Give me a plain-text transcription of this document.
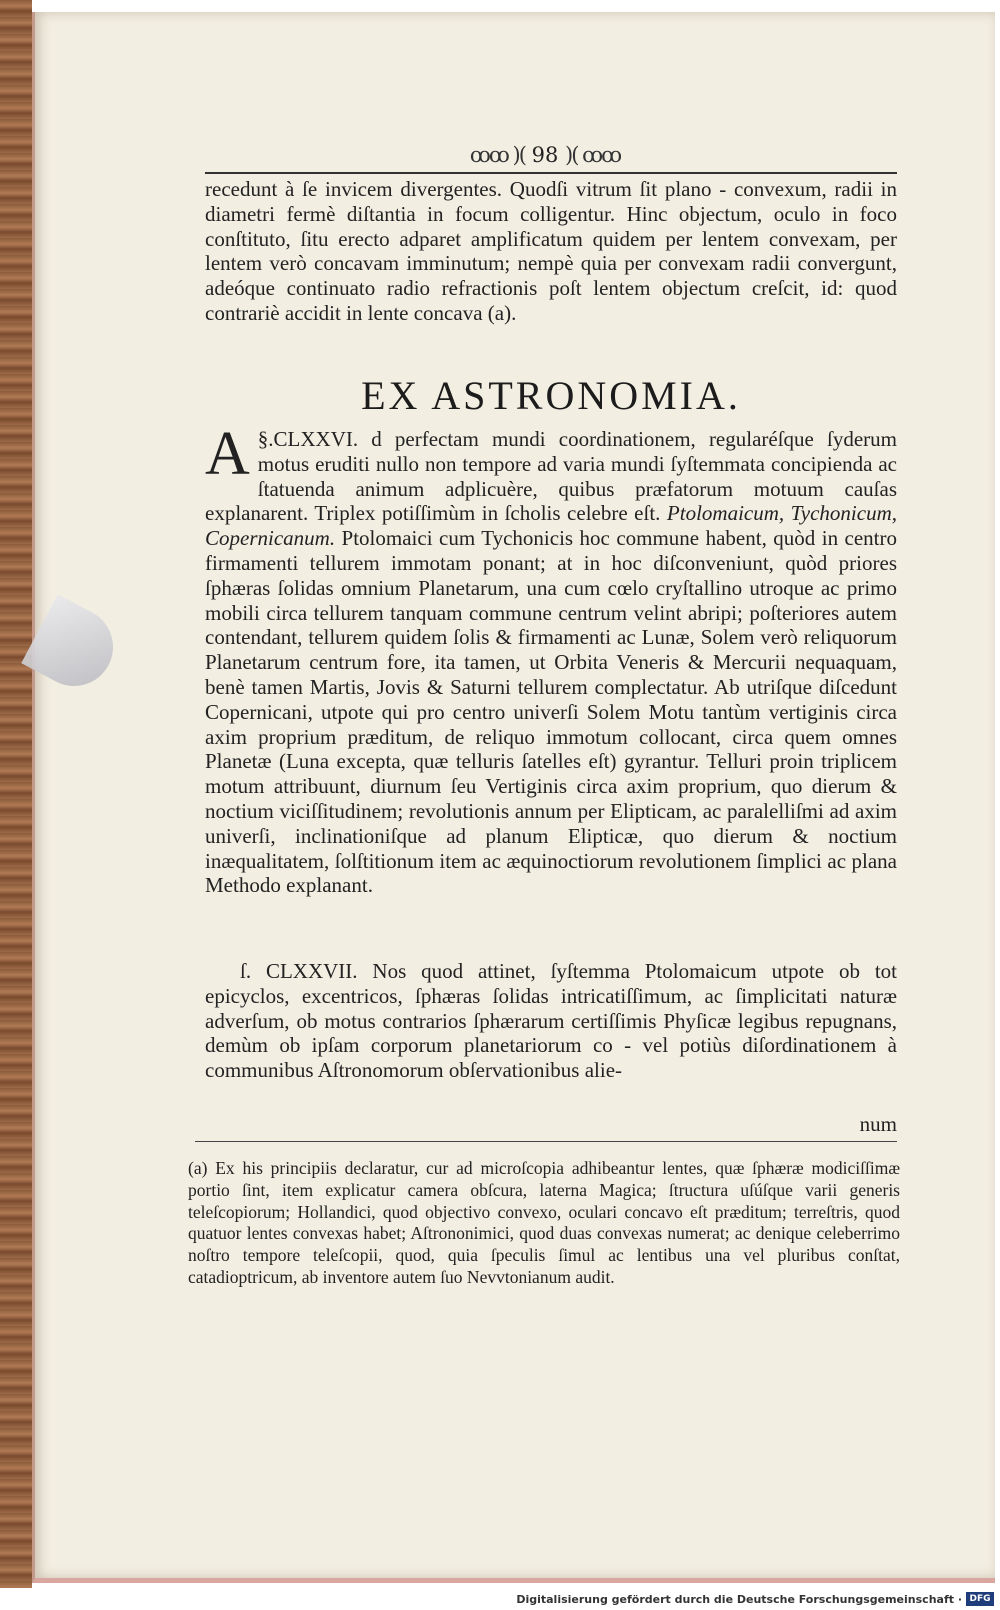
ꝏꝏ )( 98 )( ꝏꝏ

recedunt à ſe invicem divergentes. Quodſi vitrum ſit plano - convexum, radii in diametri fermè diſtantia in focum colligentur. Hinc objectum, oculo in foco conſtituto, ſitu erecto adparet amplificatum quidem per lentem convexam, per lentem verò concavam imminutum; nempè quia per convexam radii convergunt, adeóque continuato radio refractionis poſt lentem objectum creſcit, id: quod contrariè accidit in lente concava (a).

EX ASTRONOMIA.

§.CLXXVI.
A	d perfectam mundi coordinationem, regularéſque ſyderum motus eruditi nullo non tempore ad varia mundi ſyſtemmata concipienda ac ſtatuenda animum adplicuère, quibus præfatorum motuum cauſas explanarent. Triplex potiſſimùm in ſcholis celebre eſt. Ptolomaicum, Tychonicum, Copernicanum. Ptolomaici cum Tychonicis hoc commune habent, quòd in centro firmamenti tellurem immotam ponant; at in hoc diſconveniunt, quòd priores ſphæras ſolidas omnium Planetarum, una cum cœlo cryſtallino utroque ac primo mobili circa tellurem tanquam commune centrum velint abripi; poſteriores autem contendant, tellurem quidem ſolis & firmamenti ac Lunæ, Solem verò reliquorum Planetarum centrum fore, ita tamen, ut Orbita Veneris & Mercurii nequaquam, benè tamen Martis, Jovis & Saturni tellurem complectatur. Ab utriſque diſcedunt Copernicani, utpote qui pro centro univerſi Solem Motu tantùm vertiginis circa axim proprium præditum, de reliquo immotum collocant, circa quem omnes Planetæ (Luna excepta, quæ telluris ſatelles eſt) gyrantur. Telluri proin triplicem motum attribuunt, diurnum ſeu Vertiginis circa axim proprium, quo dierum & noctium viciſſitudinem; revolutionis annum per Elipticam, ac paralelliſmi ad axim univerſi, inclinationiſque ad planum Elipticæ, quo dierum & noctium inæqualitatem, ſolſtitionum item ac æquinoctiorum revolutionem ſimplici ac plana Methodo explanant.

ſ. CLXXVII. Nos quod attinet, ſyſtemma Ptolomaicum utpote ob tot epicyclos, excentricos, ſphæras ſolidas intricatiſſimum, ac ſimplicitati naturæ adverſum, ob motus contrarios ſphærarum certiſſimis Phyſicæ legibus repugnans, demùm ob ipſam corporum planetariorum co - vel potiùs diſordinationem à communibus Aſtronomorum obſervationibus alie-

num
(a) Ex his principiis declaratur, cur ad microſcopia adhibeantur lentes, quæ ſphæræ modiciſſimæ portio ſint, item explicatur camera obſcura, laterna Magica; ſtructura uſúſque varii generis teleſcopiorum; Hollandici, quod objectivo convexo, oculari concavo eſt præditum; terreſtris, quod quatuor lentes convexas habet; Aſtrononimici, quod duas convexas numerat; ac denique celeberrimo noſtro tempore teleſcopii, quod, quia ſpeculis ſimul ac lentibus una vel pluribus conſtat, catadioptricum, ab inventore autem ſuo Nevvtonianum audit.
Digitalisierung gefördert durch die Deutsche Forschungsgemeinschaft · DFG
